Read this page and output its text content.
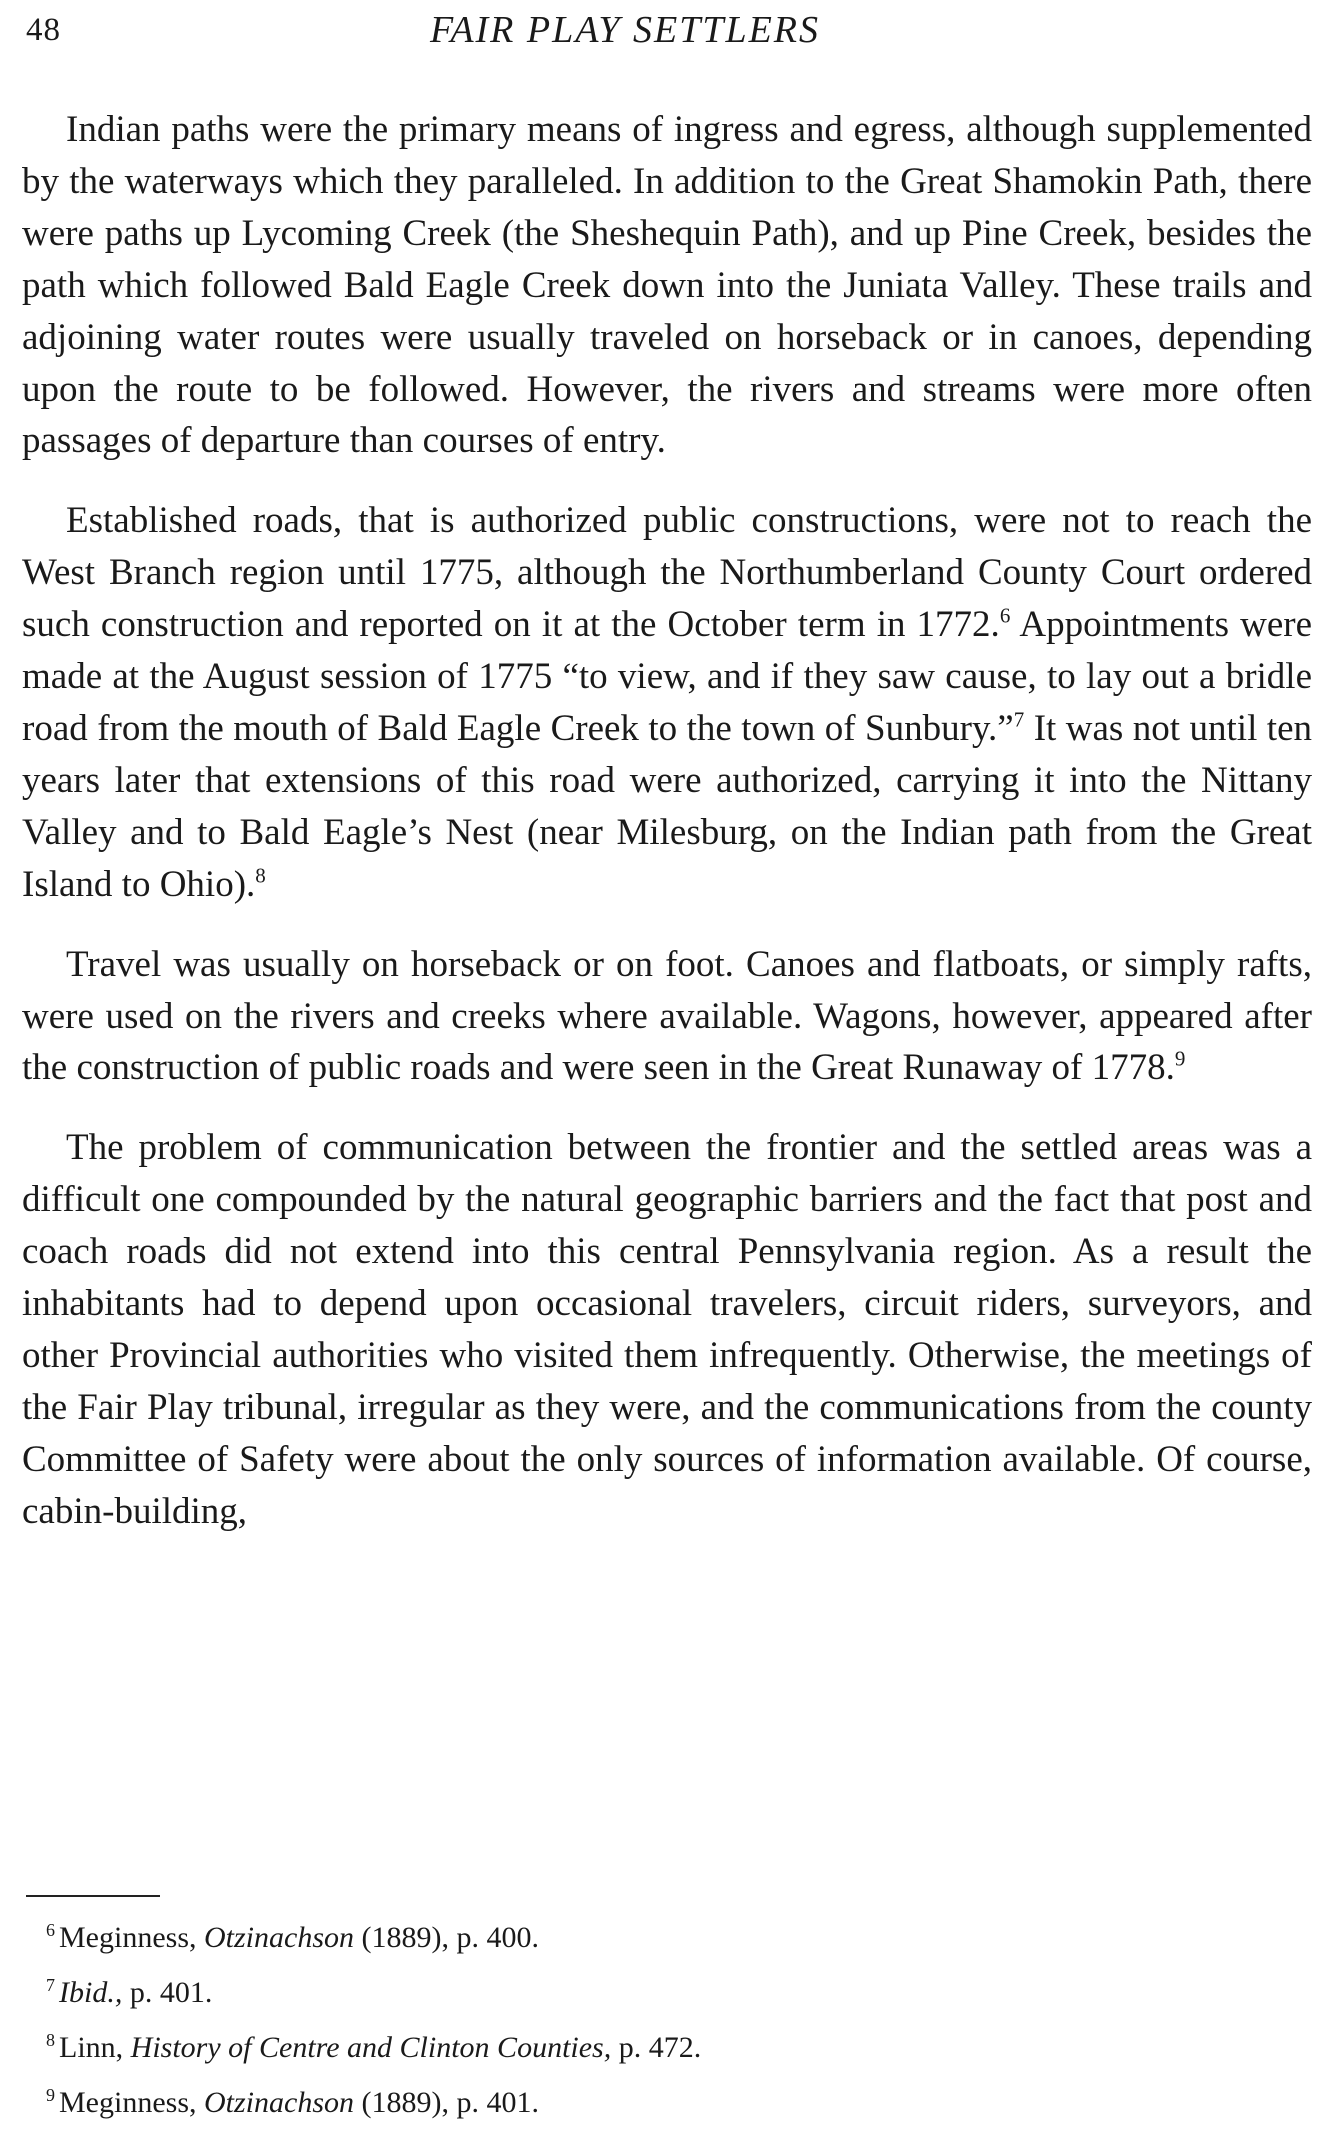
48	FAIR PLAY SETTLERS

Indian paths were the primary means of ingress and egress, although supplemented by the waterways which they paralleled. In addition to the Great Shamokin Path, there were paths up Lycoming Creek (the Sheshequin Path), and up Pine Creek, besides the path which followed Bald Eagle Creek down into the Juniata Valley. These trails and adjoining water routes were usually traveled on horseback or in canoes, depending upon the route to be followed. However, the rivers and streams were more often passages of departure than courses of entry.

Established roads, that is authorized public constructions, were not to reach the West Branch region until 1775, although the Northumberland County Court ordered such construction and reported on it at the October term in 1772.$^6$ Appointments were made at the August session of 1775 “to view, and if they saw cause, to lay out a bridle road from the mouth of Bald Eagle Creek to the town of Sunbury.”$^7$ It was not until ten years later that extensions of this road were authorized, carrying it into the Nittany Valley and to Bald Eagle’s Nest (near Milesburg, on the Indian path from the Great Island to Ohio).$^8$

Travel was usually on horseback or on foot. Canoes and flatboats, or simply rafts, were used on the rivers and creeks where available. Wagons, however, appeared after the construction of public roads and were seen in the Great Runaway of 1778.$^9$

The problem of communication between the frontier and the settled areas was a difficult one compounded by the natural geographic barriers and the fact that post and coach roads did not extend into this central Pennsylvania region. As a result the inhabitants had to depend upon occasional travelers, circuit riders, surveyors, and other Provincial authorities who visited them infrequently. Otherwise, the meetings of the Fair Play tribunal, irregular as they were, and the communications from the county Committee of Safety were about the only sources of information available. Of course, cabin-building,

$^6$ Meginness, Otzinachson (1889), p. 400.

$^7$ Ibid., p. 401.

$^8$ Linn, History of Centre and Clinton Counties, p. 472.

$^9$ Meginness, Otzinachson (1889), p. 401.
